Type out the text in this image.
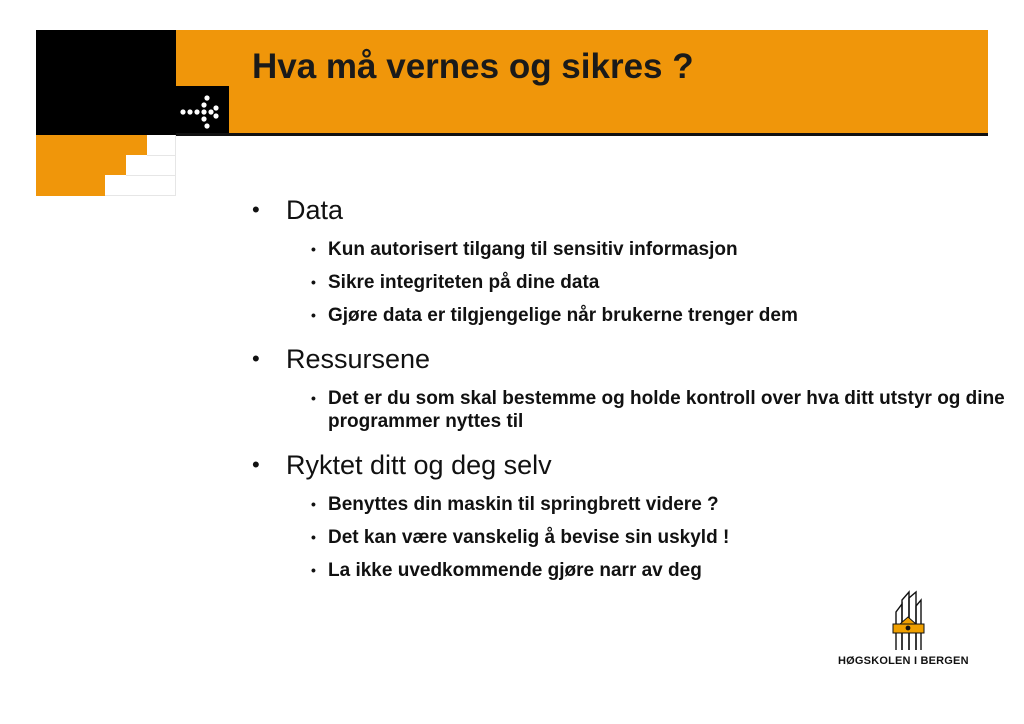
Hva må vernes og sikres ?
• Data
• Kun autorisert tilgang til sensitiv informasjon
• Sikre integriteten på dine data
• Gjøre data er tilgjengelige når brukerne trenger dem
• Ressursene
• Det er du som skal bestemme og holde kontroll over hva ditt utstyr og dine programmer nyttes til
• Ryktet ditt og deg selv
• Benyttes din maskin til springbrett videre ?
• Det kan være vanskelig å bevise sin uskyld !
• La ikke uvedkommende gjøre narr av deg
HØGSKOLEN I BERGEN
